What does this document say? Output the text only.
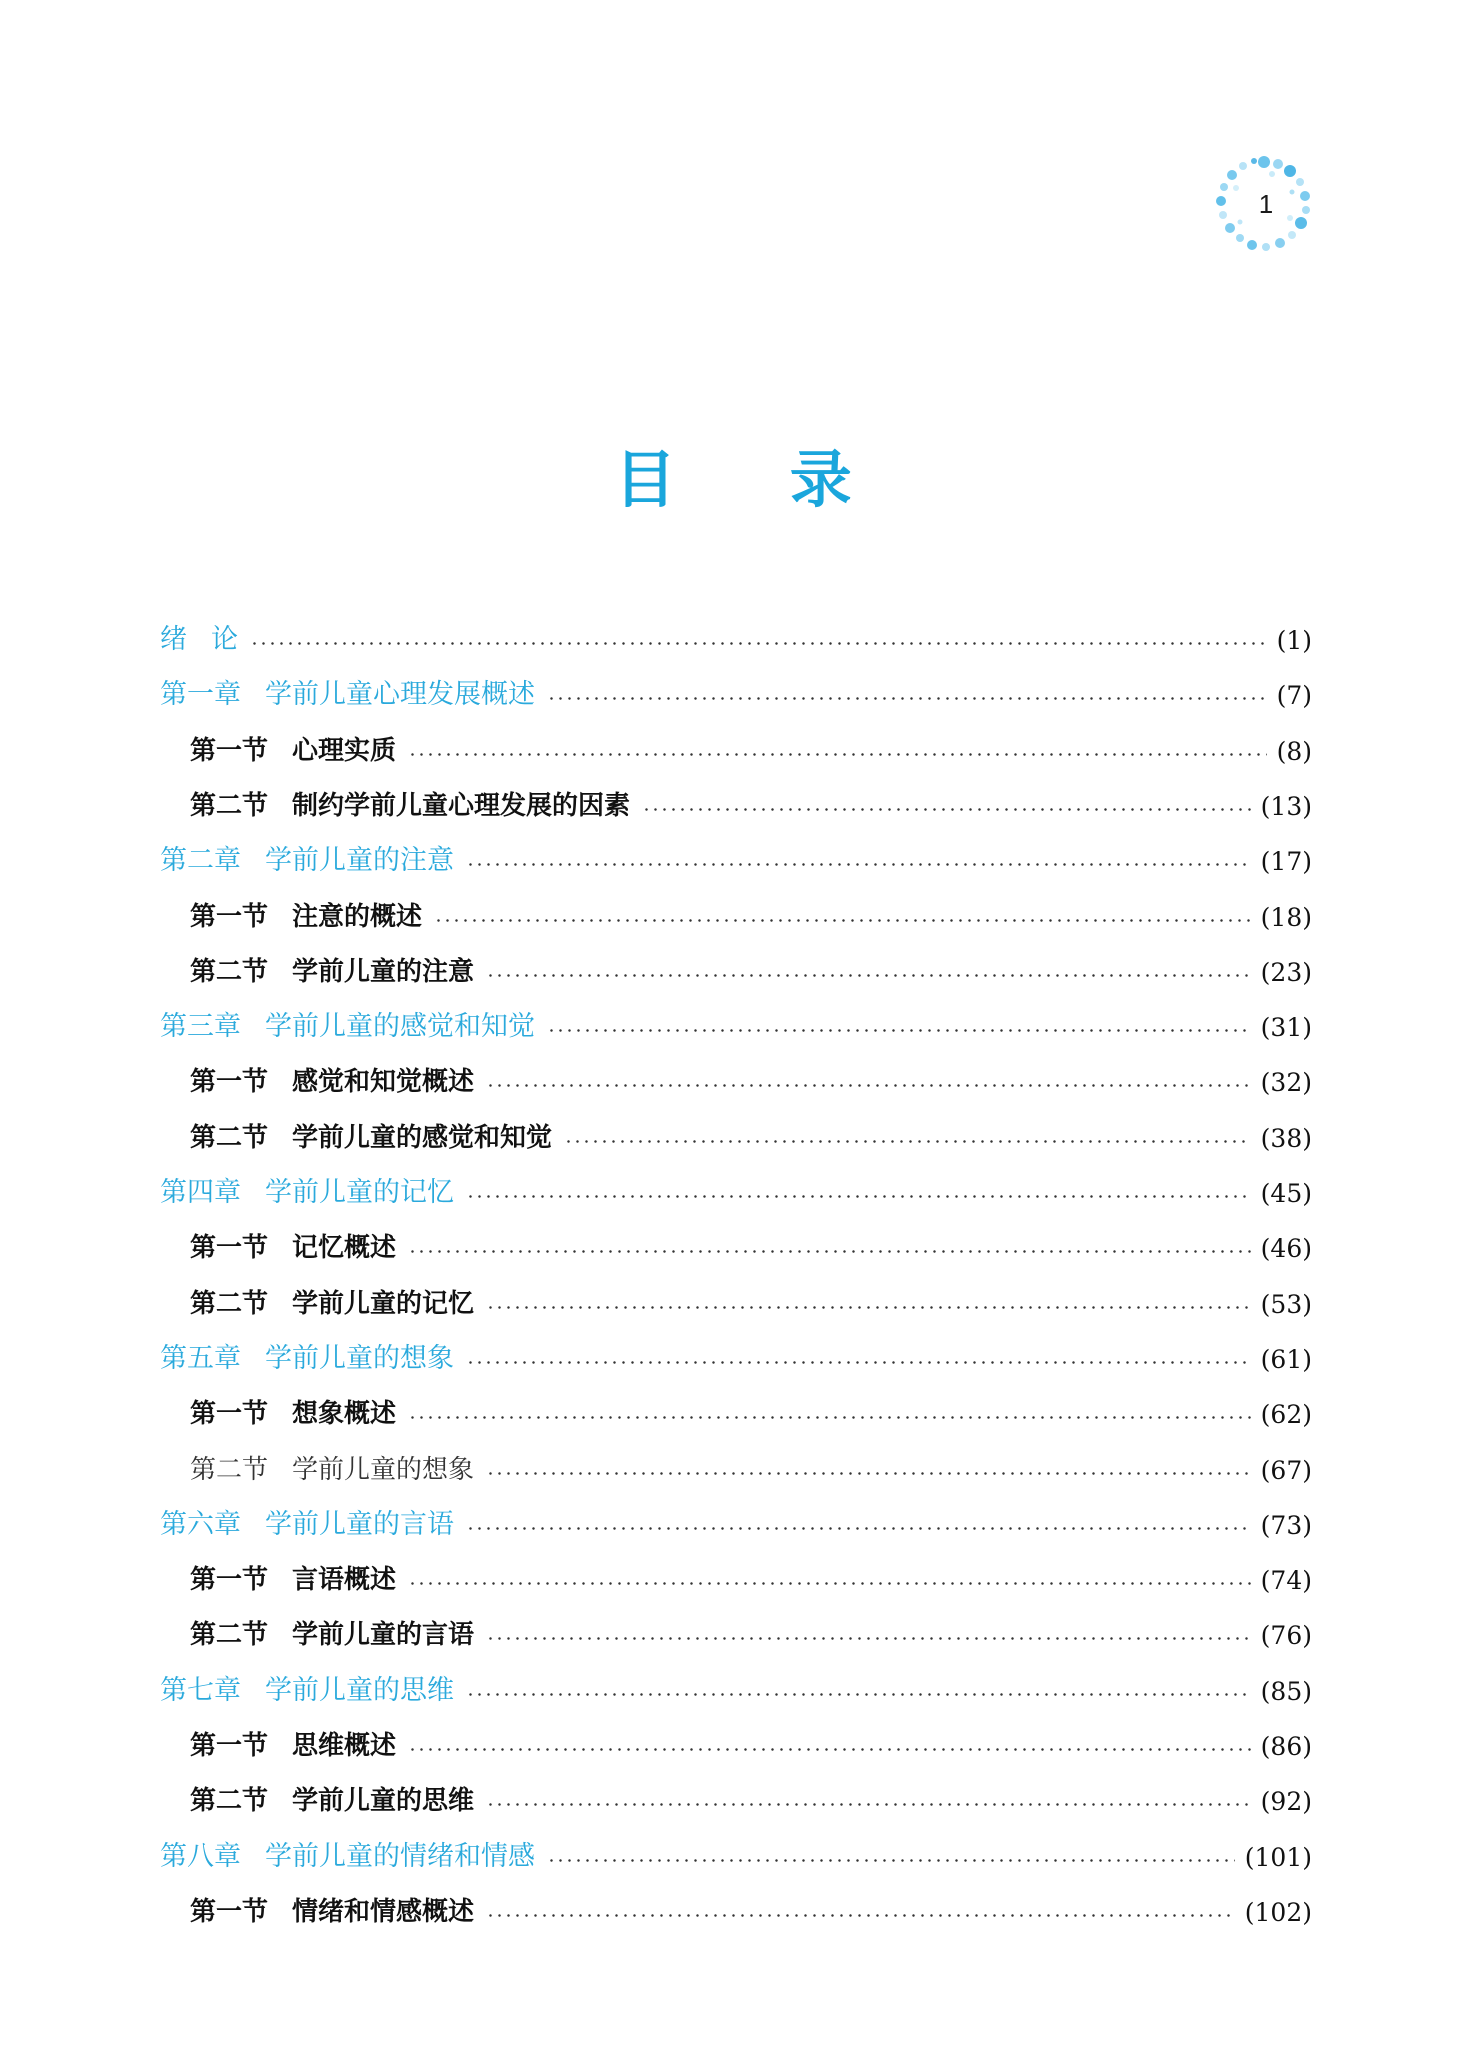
1
目 录
绪 论	(1)
第一章 学前儿童心理发展概述	(7)
第一节 心理实质	(8)
第二节 制约学前儿童心理发展的因素	(13)
第二章 学前儿童的注意	(17)
第一节 注意的概述	(18)
第二节 学前儿童的注意	(23)
第三章 学前儿童的感觉和知觉	(31)
第一节 感觉和知觉概述	(32)
第二节 学前儿童的感觉和知觉	(38)
第四章 学前儿童的记忆	(45)
第一节 记忆概述	(46)
第二节 学前儿童的记忆	(53)
第五章 学前儿童的想象	(61)
第一节 想象概述	(62)
第二节 学前儿童的想象	(67)
第六章 学前儿童的言语	(73)
第一节 言语概述	(74)
第二节 学前儿童的言语	(76)
第七章 学前儿童的思维	(85)
第一节 思维概述	(86)
第二节 学前儿童的思维	(92)
第八章 学前儿童的情绪和情感	(101)
第一节 情绪和情感概述	(102)
